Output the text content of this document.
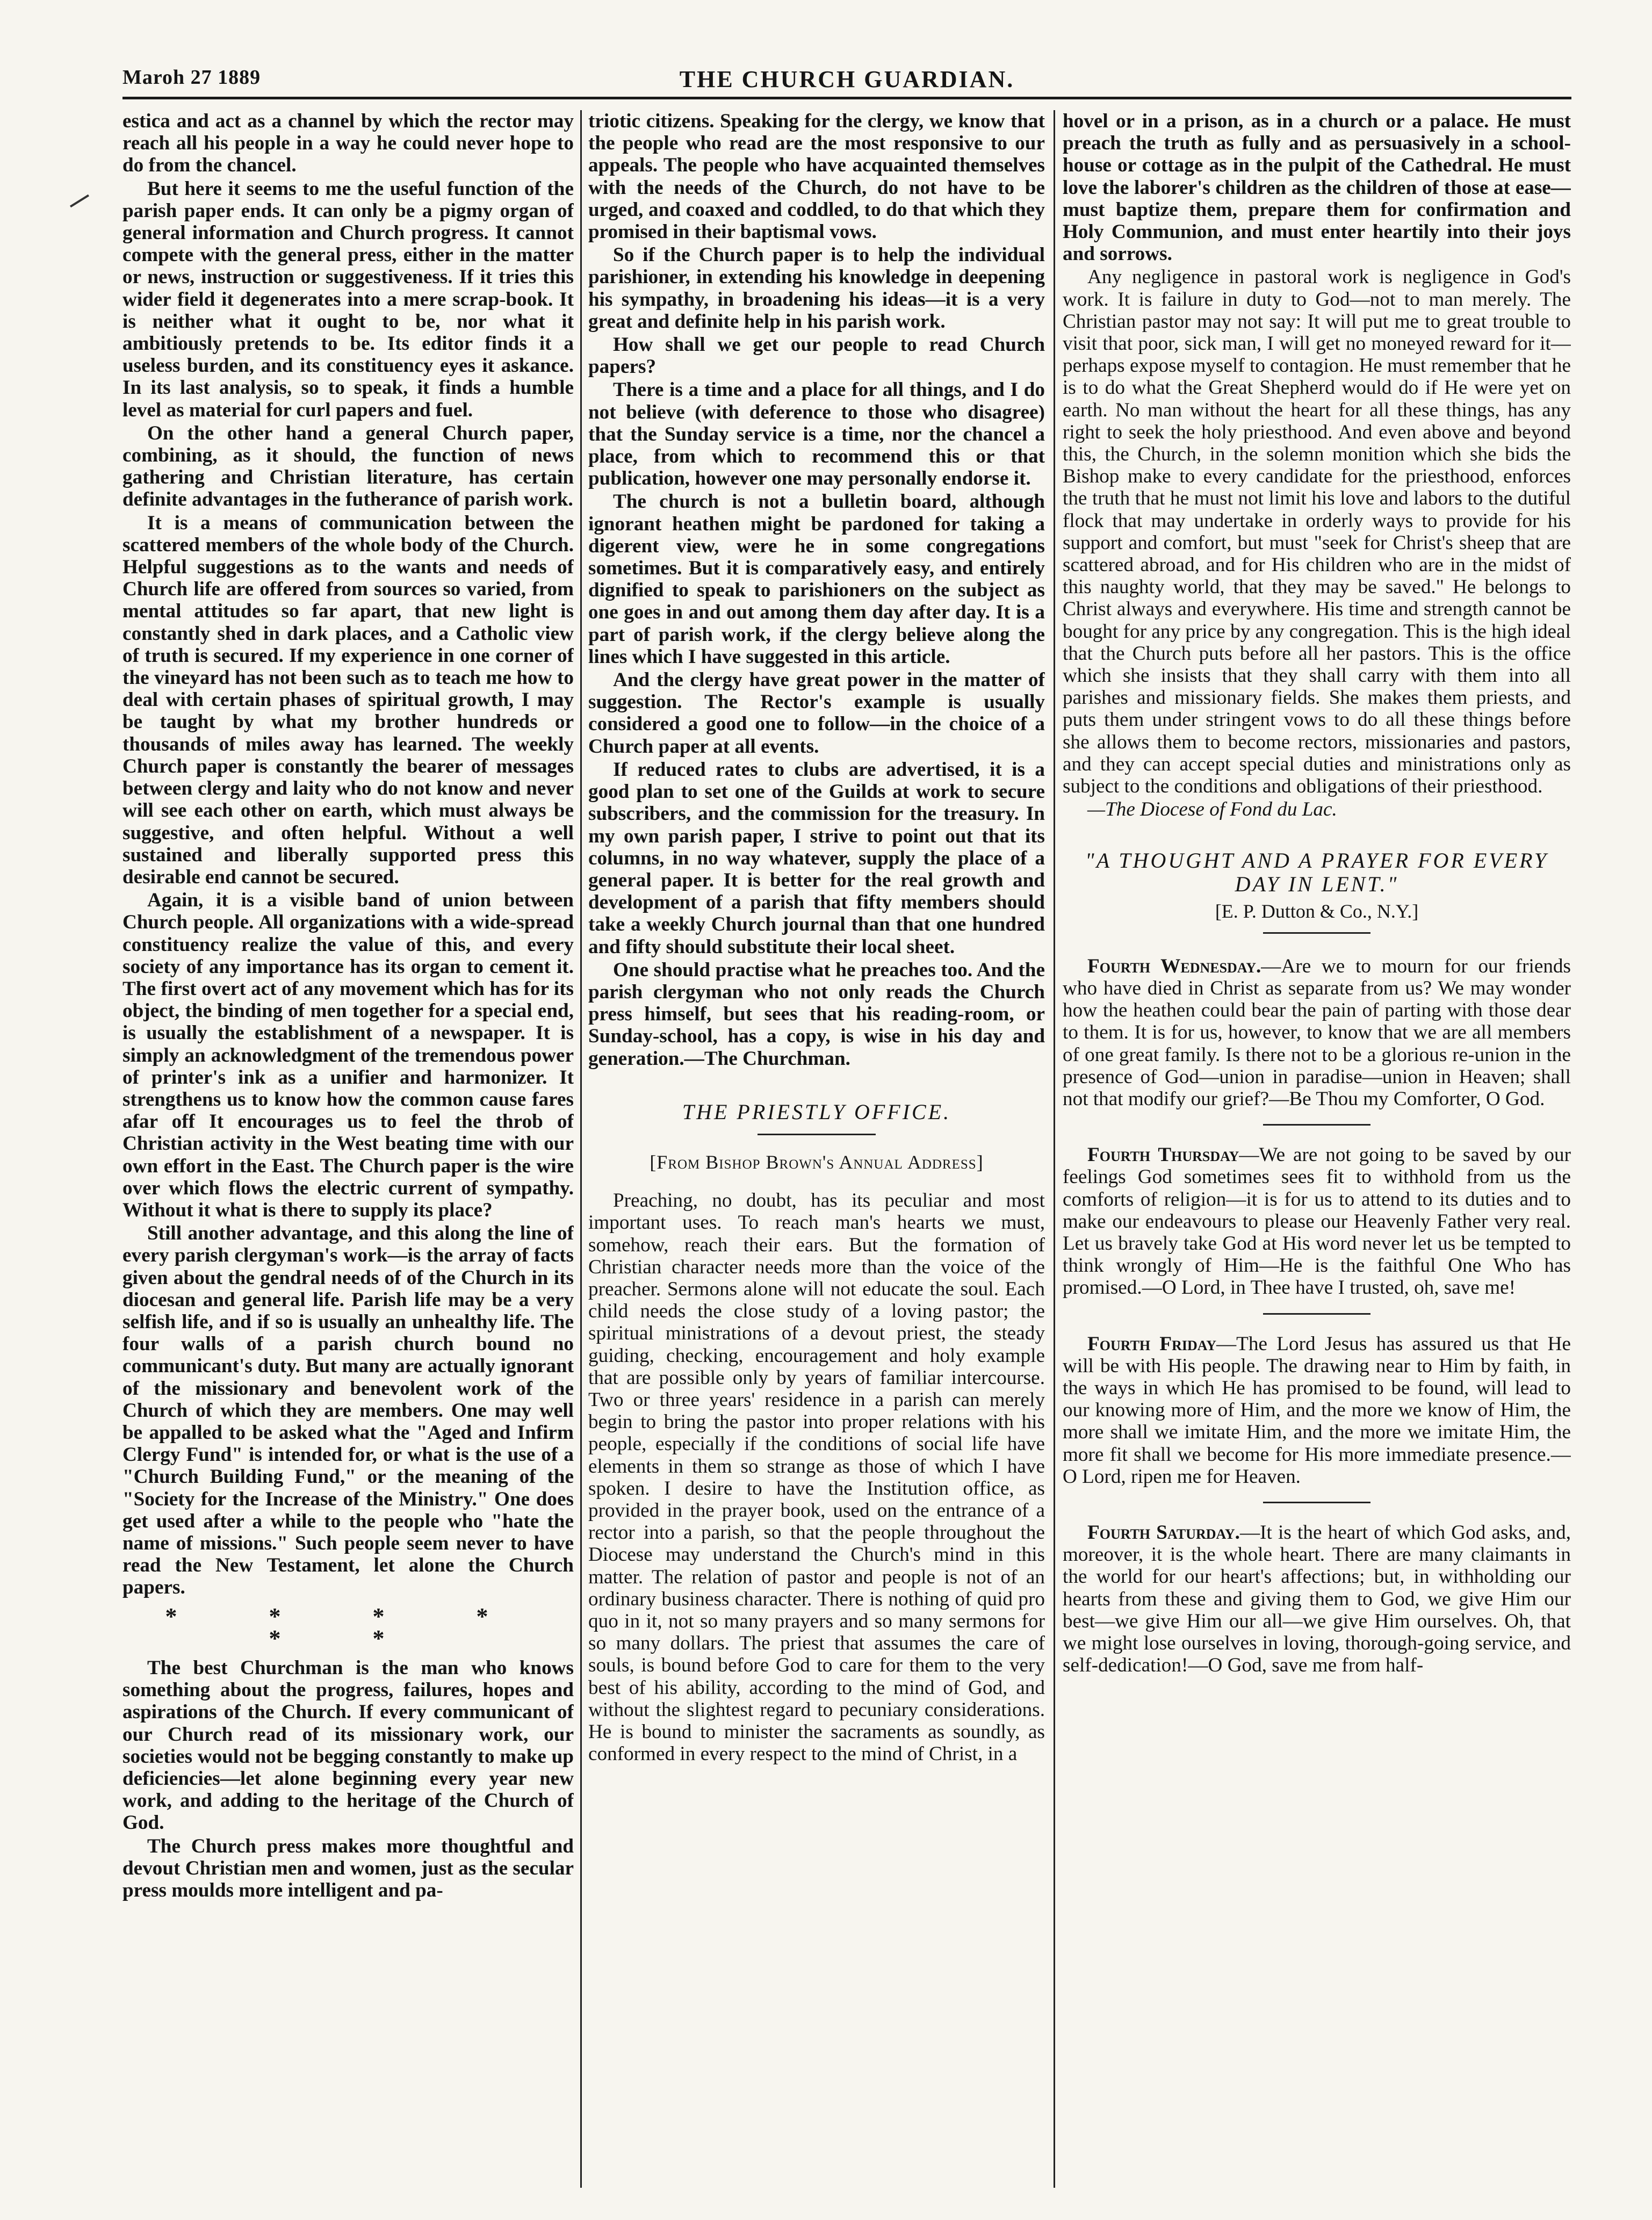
Maroh 27 1889	THE CHURCH GUARDIAN.

estica and act as a channel by which the rector may reach all his people in a way he could never hope to do from the chancel.

But here it seems to me the useful function of the parish paper ends. It can only be a pigmy organ of general information and Church progress. It cannot compete with the general press, either in the matter or news, instruction or suggestiveness. If it tries this wider field it degenerates into a mere scrap-book. It is neither what it ought to be, nor what it ambitiously pretends to be. Its editor finds it a useless burden, and its constituency eyes it askance. In its last analysis, so to speak, it finds a humble level as material for curl papers and fuel.

On the other hand a general Church paper, combining, as it should, the function of news gathering and Christian literature, has certain definite advantages in the futherance of parish work.

It is a means of communication between the scattered members of the whole body of the Church. Helpful suggestions as to the wants and needs of Church life are offered from sources so varied, from mental attitudes so far apart, that new light is constantly shed in dark places, and a Catholic view of truth is secured. If my experience in one corner of the vineyard has not been such as to teach me how to deal with certain phases of spiritual growth, I may be taught by what my brother hundreds or thousands of miles away has learned. The weekly Church paper is constantly the bearer of messages between clergy and laity who do not know and never will see each other on earth, which must always be suggestive, and often helpful. Without a well sustained and liberally supported press this desirable end cannot be secured.

Again, it is a visible band of union between Church people. All organizations with a wide-spread constituency realize the value of this, and every society of any importance has its organ to cement it. The first overt act of any movement which has for its object, the binding of men together for a special end, is usually the establishment of a newspaper. It is simply an acknowledgment of the tremendous power of printer's ink as a unifier and harmonizer. It strengthens us to know how the common cause fares afar off It encourages us to feel the throb of Christian activity in the West beating time with our own effort in the East. The Church paper is the wire over which flows the electric current of sympathy. Without it what is there to supply its place?

Still another advantage, and this along the line of every parish clergyman's work—is the array of facts given about the gendral needs of of the Church in its diocesan and general life. Parish life may be a very selfish life, and if so is usually an unhealthy life. The four walls of a parish church bound no communicant's duty. But many are actually ignorant of the missionary and benevolent work of the Church of which they are members. One may well be appalled to be asked what the "Aged and Infirm Clergy Fund" is intended for, or what is the use of a "Church Building Fund," or the meaning of the "Society for the Increase of the Ministry." One does get used after a while to the people who "hate the name of missions." Such people seem never to have read the New Testament, let alone the Church papers.

* * * * * *

The best Churchman is the man who knows something about the progress, failures, hopes and aspirations of the Church. If every communicant of our Church read of its missionary work, our societies would not be begging constantly to make up deficiencies—let alone beginning every year new work, and adding to the heritage of the Church of God.

The Church press makes more thoughtful and devout Christian men and women, just as the secular press moulds more intelligent and pa-

triotic citizens. Speaking for the clergy, we know that the people who read are the most responsive to our appeals. The people who have acquainted themselves with the needs of the Church, do not have to be urged, and coaxed and coddled, to do that which they promised in their baptismal vows.

So if the Church paper is to help the individual parishioner, in extending his knowledge in deepening his sympathy, in broadening his ideas—it is a very great and definite help in his parish work.

How shall we get our people to read Church papers?

There is a time and a place for all things, and I do not believe (with deference to those who disagree) that the Sunday service is a time, nor the chancel a place, from which to recommend this or that publication, however one may personally endorse it.

The church is not a bulletin board, although ignorant heathen might be pardoned for taking a digerent view, were he in some congregations sometimes. But it is comparatively easy, and entirely dignified to speak to parishioners on the subject as one goes in and out among them day after day. It is a part of parish work, if the clergy believe along the lines which I have suggested in this article.

And the clergy have great power in the matter of suggestion. The Rector's example is usually considered a good one to follow—in the choice of a Church paper at all events.

If reduced rates to clubs are advertised, it is a good plan to set one of the Guilds at work to secure subscribers, and the commission for the treasury. In my own parish paper, I strive to point out that its columns, in no way whatever, supply the place of a general paper. It is better for the real growth and development of a parish that fifty members should take a weekly Church journal than that one hundred and fifty should substitute their local sheet.

One should practise what he preaches too. And the parish clergyman who not only reads the Church press himself, but sees that his reading-room, or Sunday-school, has a copy, is wise in his day and generation.—The Churchman.

THE PRIESTLY OFFICE.
[From Bishop Brown's Annual Address]

Preaching, no doubt, has its peculiar and most important uses. To reach man's hearts we must, somehow, reach their ears. But the formation of Christian character needs more than the voice of the preacher. Sermons alone will not educate the soul. Each child needs the close study of a loving pastor; the spiritual ministrations of a devout priest, the steady guiding, checking, encouragement and holy example that are possible only by years of familiar intercourse. Two or three years' residence in a parish can merely begin to bring the pastor into proper relations with his people, especially if the conditions of social life have elements in them so strange as those of which I have spoken. I desire to have the Institution office, as provided in the prayer book, used on the entrance of a rector into a parish, so that the people throughout the Diocese may understand the Church's mind in this matter. The relation of pastor and people is not of an ordinary business character. There is nothing of quid pro quo in it, not so many prayers and so many sermons for so many dollars. The priest that assumes the care of souls, is bound before God to care for them to the very best of his ability, according to the mind of God, and without the slightest regard to pecuniary considerations. He is bound to minister the sacraments as soundly, as conformed in every respect to the mind of Christ, in a

hovel or in a prison, as in a church or a palace. He must preach the truth as fully and as persuasively in a school-house or cottage as in the pulpit of the Cathedral. He must love the laborer's children as the children of those at ease—must baptize them, prepare them for confirmation and Holy Communion, and must enter heartily into their joys and sorrows.

Any negligence in pastoral work is negligence in God's work. It is failure in duty to God—not to man merely. The Christian pastor may not say: It will put me to great trouble to visit that poor, sick man, I will get no moneyed reward for it—perhaps expose myself to contagion. He must remember that he is to do what the Great Shepherd would do if He were yet on earth. No man without the heart for all these things, has any right to seek the holy priesthood. And even above and beyond this, the Church, in the solemn monition which she bids the Bishop make to every candidate for the priesthood, enforces the truth that he must not limit his love and labors to the dutiful flock that may undertake in orderly ways to provide for his support and comfort, but must "seek for Christ's sheep that are scattered abroad, and for His children who are in the midst of this naughty world, that they may be saved." He belongs to Christ always and everywhere. His time and strength cannot be bought for any price by any congregation. This is the high ideal that the Church puts before all her pastors. This is the office which she insists that they shall carry with them into all parishes and missionary fields. She makes them priests, and puts them under stringent vows to do all these things before she allows them to become rectors, missionaries and pastors, and they can accept special duties and ministrations only as subject to the conditions and obligations of their priesthood.

—The Diocese of Fond du Lac.

"A THOUGHT AND A PRAYER FOR EVERY DAY IN LENT."
[E. P. Dutton & Co., N.Y.]

Fourth Wednesday.—Are we to mourn for our friends who have died in Christ as separate from us? We may wonder how the heathen could bear the pain of parting with those dear to them. It is for us, however, to know that we are all members of one great family. Is there not to be a glorious re-union in the presence of God—union in paradise—union in Heaven; shall not that modify our grief?—Be Thou my Comforter, O God.

Fourth Thursday—We are not going to be saved by our feelings God sometimes sees fit to withhold from us the comforts of religion—it is for us to attend to its duties and to make our endeavours to please our Heavenly Father very real. Let us bravely take God at His word never let us be tempted to think wrongly of Him—He is the faithful One Who has promised.—O Lord, in Thee have I trusted, oh, save me!

Fourth Friday—The Lord Jesus has assured us that He will be with His people. The drawing near to Him by faith, in the ways in which He has promised to be found, will lead to our knowing more of Him, and the more we know of Him, the more shall we imitate Him, and the more we imitate Him, the more fit shall we become for His more immediate presence.—O Lord, ripen me for Heaven.

Fourth Saturday.—It is the heart of which God asks, and, moreover, it is the whole heart. There are many claimants in the world for our heart's affections; but, in withholding our hearts from these and giving them to God, we give Him our best—we give Him our all—we give Him ourselves. Oh, that we might lose ourselves in loving, thorough-going service, and self-dedication!—O God, save me from half-
